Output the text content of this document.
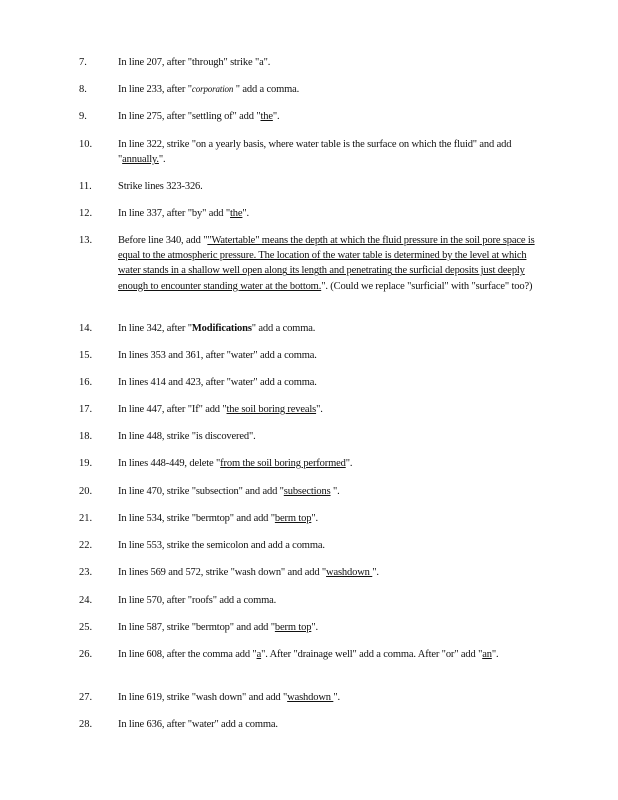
7.	In line 207, after "through" strike "a".
8.	In line 233, after "corporation " add a comma.
9.	In line 275, after "settling of" add "the".
10.	In line 322, strike "on a yearly basis, where water table is the surface on which the fluid" and add "annually.".
11.	Strike lines 323-326.
12.	In line 337, after "by" add "the".
13.	Before line 340, add ""Watertable" means the depth at which the fluid pressure in the soil pore space is equal to the atmospheric pressure. The location of the water table is determined by the level at which water stands in a shallow well open along its length and penetrating the surficial deposits just deeply enough to encounter standing water at the bottom.". (Could we replace "surficial" with "surface" too?)
14.	In line 342, after "Modifications" add a comma.
15.	In lines 353 and 361, after "water" add a comma.
16.	In lines 414 and 423, after "water" add a comma.
17.	In line 447, after "If" add "the soil boring reveals".
18.	In line 448, strike "is discovered".
19.	In lines 448-449, delete "from the soil boring performed".
20.	In line 470, strike "subsection" and add "subsections ".
21.	In line 534, strike "bermtop" and add "berm top".
22.	In line 553, strike the semicolon and add a comma.
23.	In lines 569 and 572, strike "wash down" and add "washdown ".
24.	In line 570, after "roofs" add a comma.
25.	In line 587, strike "bermtop" and add "berm top".
26.	In line 608, after the comma add "a". After "drainage well" add a comma. After "or" add "an".
27.	In line 619, strike "wash down" and add "washdown ".
28.	In line 636, after "water" add a comma.
